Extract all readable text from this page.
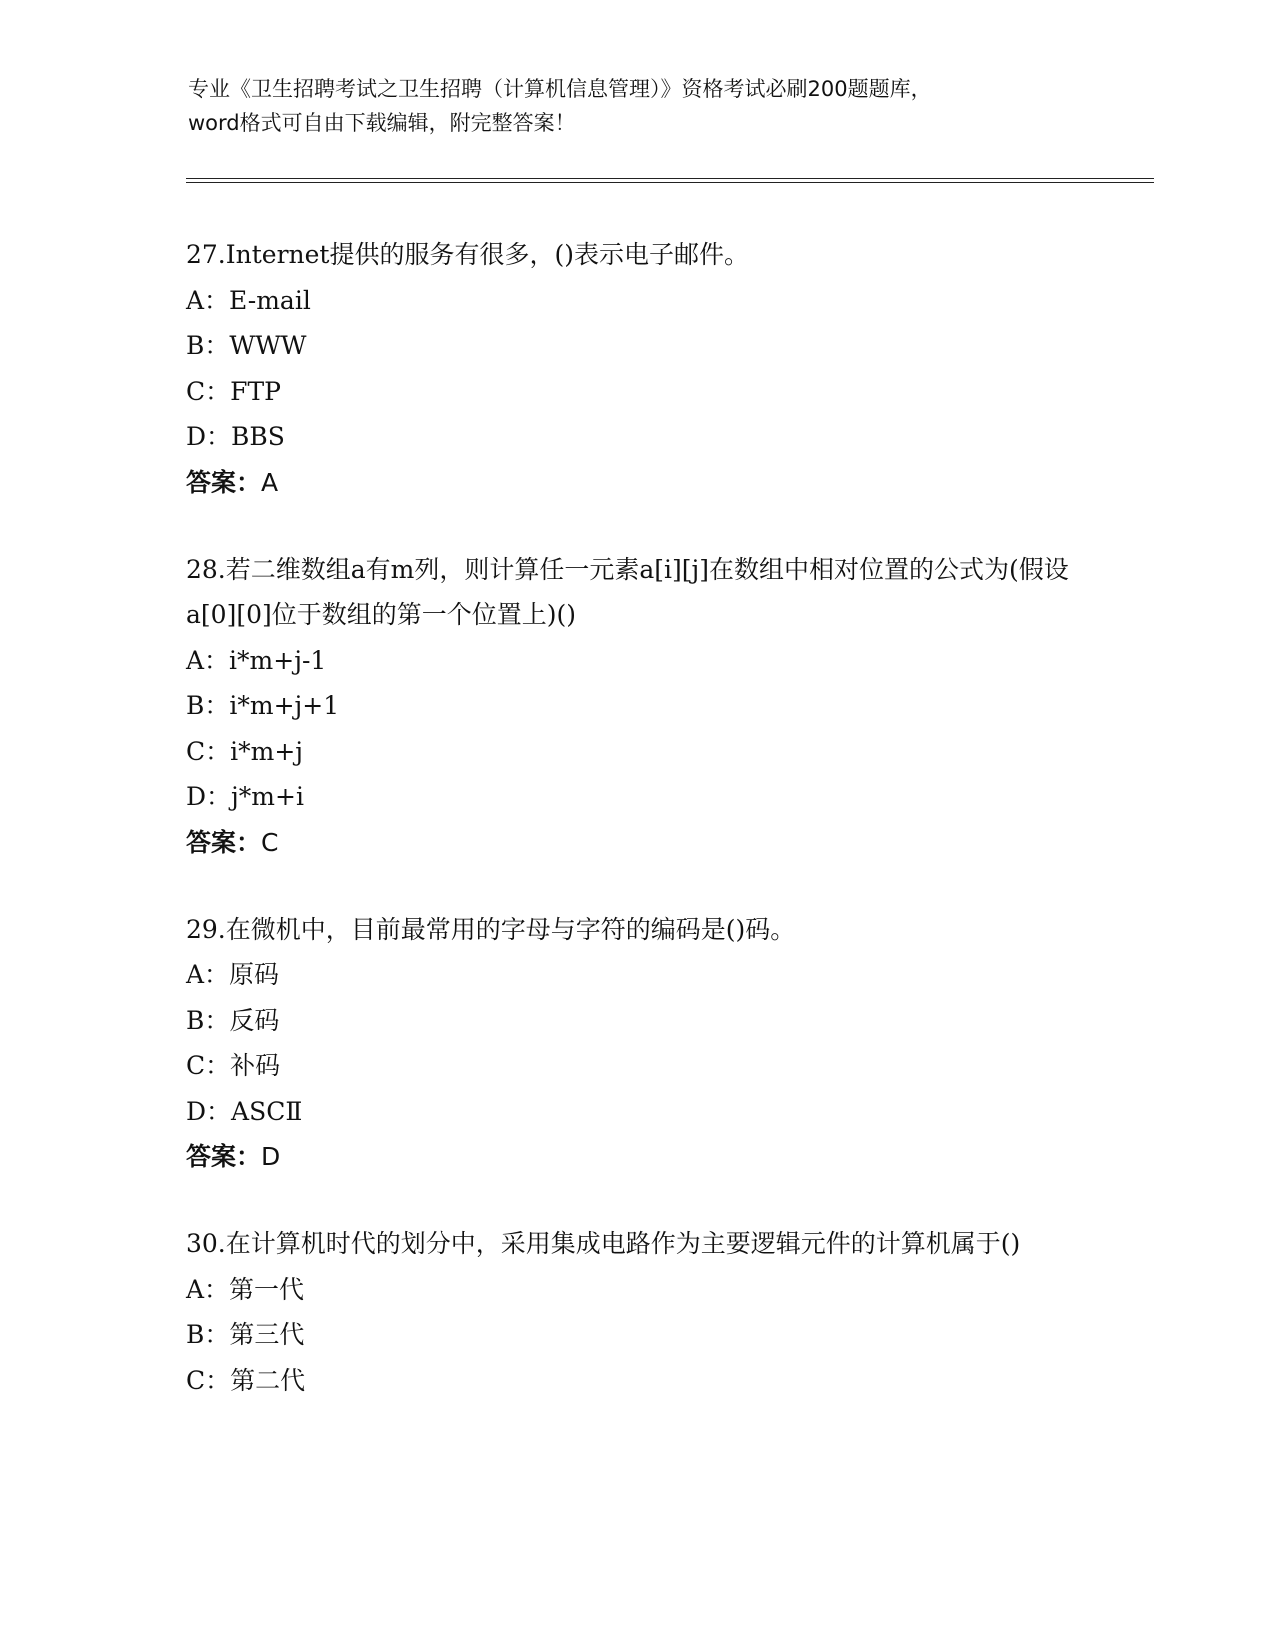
专业《卫生招聘考试之卫生招聘（计算机信息管理）》资格考试必刷200题题库，
word格式可自由下载编辑，附完整答案！
27.Internet提供的服务有很多，()表示电子邮件。
A：E-mail
B：WWW
C：FTP
D：BBS
答案：A
28.若二维数组a有m列，则计算任一元素a[i][j]在数组中相对位置的公式为(假设a[0][0]位于数组的第一个位置上)()
A：i*m+j-1
B：i*m+j+1
C：i*m+j
D：j*m+i
答案：C
29.在微机中，目前最常用的字母与字符的编码是()码。
A：原码
B：反码
C：补码
D：ASCⅡ
答案：D
30.在计算机时代的划分中，采用集成电路作为主要逻辑元件的计算机属于()
A：第一代
B：第三代
C：第二代
